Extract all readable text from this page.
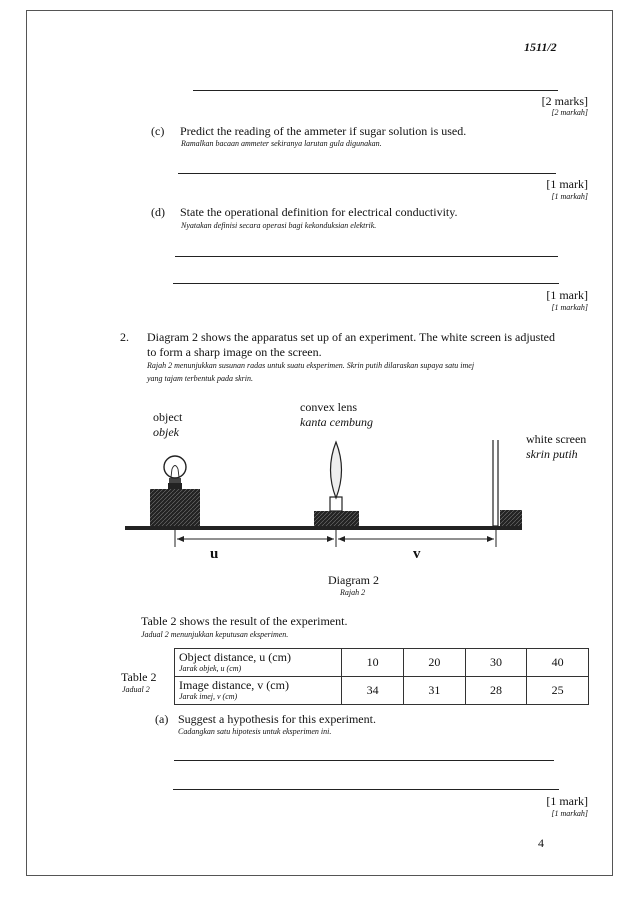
1511/2
[2 marks]
[2 markah]
(c) Predict the reading of the ammeter if sugar solution is used.
Ramalkan bacaan ammeter sekiranya larutan gula digunakan.
[1 mark]
[1 markah]
(d) State the operational definition for electrical conductivity.
Nyatakan definisi secara operasi bagi kekonduksian elektrik.
[1 mark]
[1 markah]
2. Diagram 2 shows the apparatus set up of an experiment. The white screen is adjusted
to form a sharp image on the screen.
Rajah 2 menunjukkan susunan radas untuk suatu eksperimen. Skrin putih dilaraskan supaya satu imej
yang tajam terbentuk pada skrin.
object
objek
convex lens
kanta cembung
white screen
skrin putih
u	v
Diagram 2
Rajah 2
Table 2 shows the result of the experiment.
Jadual 2 menunjukkan keputusan eksperimen.
Table 2
Jadual 2
Object distance, u (cm)
Jarak objek, u (cm)	10	20	30	40
Image distance, v (cm)
Jarak imej, v (cm)	34	31	28	25
(a) Suggest a hypothesis for this experiment.
Cadangkan satu hipotesis untuk eksperimen ini.
[1 mark]
[1 markah]
4
